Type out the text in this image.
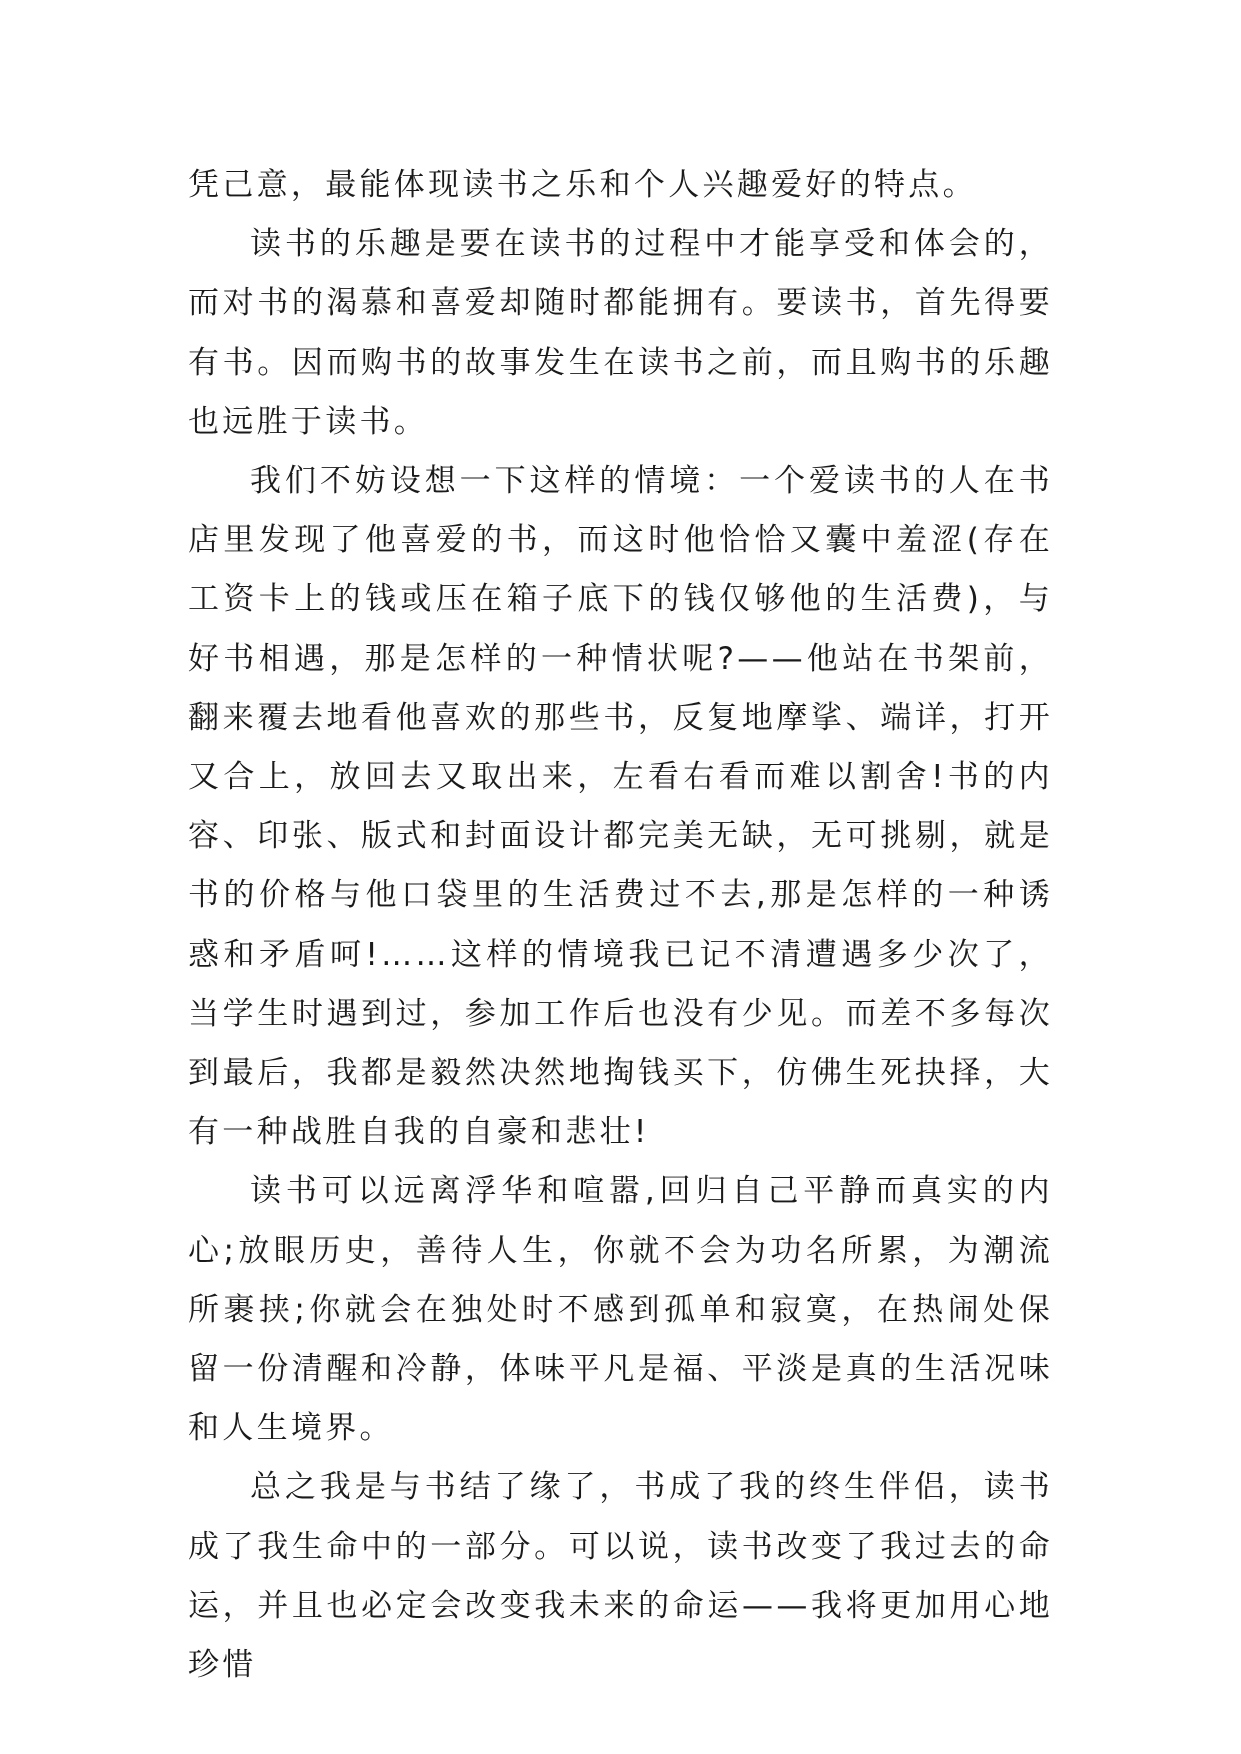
凭己意，最能体现读书之乐和个人兴趣爱好的特点。

读书的乐趣是要在读书的过程中才能享受和体会的，而对书的渴慕和喜爱却随时都能拥有。要读书，首先得要有书。因而购书的故事发生在读书之前，而且购书的乐趣也远胜于读书。

我们不妨设想一下这样的情境：一个爱读书的人在书店里发现了他喜爱的书，而这时他恰恰又囊中羞涩(存在工资卡上的钱或压在箱子底下的钱仅够他的生活费)，与好书相遇，那是怎样的一种情状呢?——他站在书架前，翻来覆去地看他喜欢的那些书，反复地摩挲、端详，打开又合上，放回去又取出来，左看右看而难以割舍!书的内容、印张、版式和封面设计都完美无缺，无可挑剔，就是书的价格与他口袋里的生活费过不去,那是怎样的一种诱惑和矛盾呵!……这样的情境我已记不清遭遇多少次了，当学生时遇到过，参加工作后也没有少见。而差不多每次到最后，我都是毅然决然地掏钱买下，仿佛生死抉择，大有一种战胜自我的自豪和悲壮!

读书可以远离浮华和喧嚣,回归自己平静而真实的内心;放眼历史，善待人生，你就不会为功名所累，为潮流所裹挟;你就会在独处时不感到孤单和寂寞，在热闹处保留一份清醒和冷静，体味平凡是福、平淡是真的生活况味和人生境界。

总之我是与书结了缘了，书成了我的终生伴侣，读书成了我生命中的一部分。可以说，读书改变了我过去的命运，并且也必定会改变我未来的命运——我将更加用心地珍惜
